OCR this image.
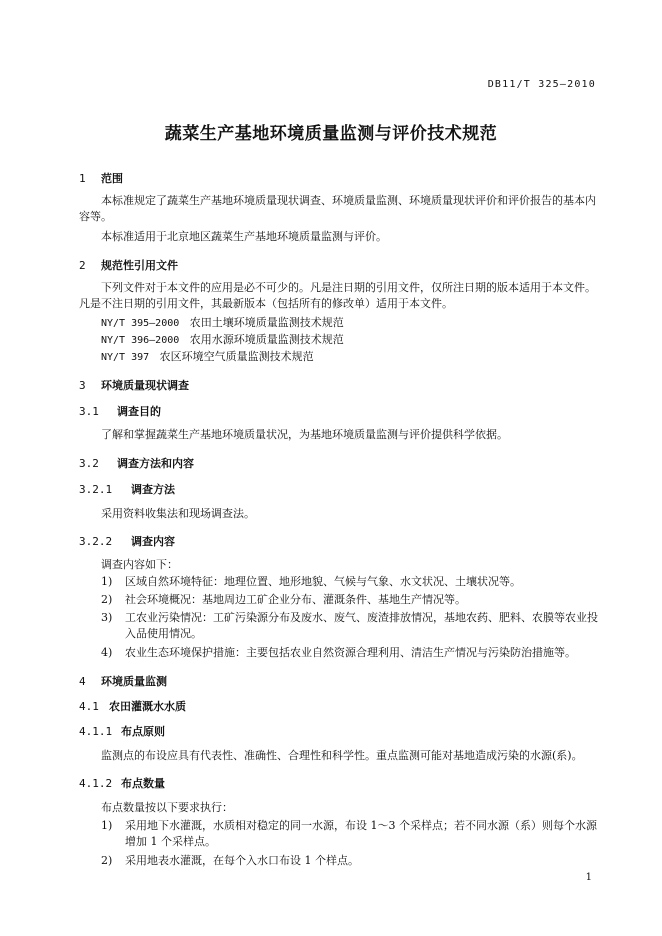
DB11/T 325—2010
蔬菜生产基地环境质量监测与评价技术规范
1 范围
本标准规定了蔬菜生产基地环境质量现状调查、环境质量监测、环境质量现状评价和评价报告的基本内容等。
本标准适用于北京地区蔬菜生产基地环境质量监测与评价。
2 规范性引用文件
下列文件对于本文件的应用是必不可少的。凡是注日期的引用文件，仅所注日期的版本适用于本文件。凡是不注日期的引用文件，其最新版本（包括所有的修改单）适用于本文件。
NY/T 395—2000 农田土壤环境质量监测技术规范
NY/T 396—2000 农用水源环境质量监测技术规范
NY/T 397 农区环境空气质量监测技术规范
3 环境质量现状调查
3.1 调查目的
了解和掌握蔬菜生产基地环境质量状况，为基地环境质量监测与评价提供科学依据。
3.2 调查方法和内容
3.2.1 调查方法
采用资料收集法和现场调查法。
3.2.2 调查内容
调查内容如下：
1) 区域自然环境特征：地理位置、地形地貌、气候与气象、水文状况、土壤状况等。
2) 社会环境概况：基地周边工矿企业分布、灌溉条件、基地生产情况等。
3) 工农业污染情况：工矿污染源分布及废水、废气、废渣排放情况，基地农药、肥料、农膜等农业投入品使用情况。
4) 农业生态环境保护措施：主要包括农业自然资源合理利用、清洁生产情况与污染防治措施等。
4 环境质量监测
4.1 农田灌溉水水质
4.1.1 布点原则
监测点的布设应具有代表性、准确性、合理性和科学性。重点监测可能对基地造成污染的水源(系)。
4.1.2 布点数量
布点数量按以下要求执行：
1) 采用地下水灌溉，水质相对稳定的同一水源，布设 1～3 个采样点；若不同水源（系）则每个水源增加 1 个采样点。
2) 采用地表水灌溉，在每个入水口布设 1 个样点。
1
